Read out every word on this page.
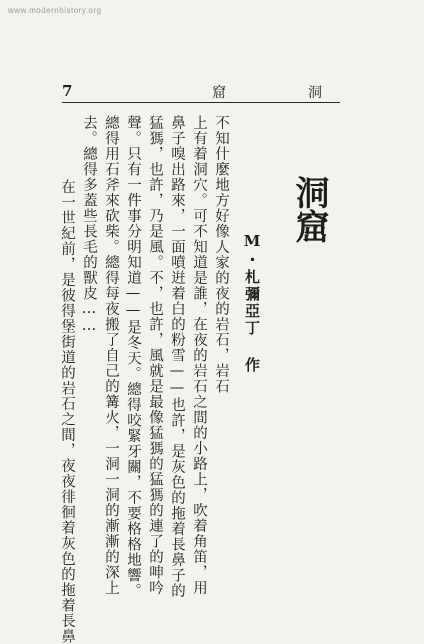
www.modernhistory.org
7	窟	洞
洞窟
M・札彌亞丁 作
不知什麼地方好像人家的夜的岩石，岩石
上有着洞穴。可不知道是誰，在夜的岩石之間的小路上，吹着角笛，用
鼻子嗅出路來，一面噴逬着白的粉雪——也許，是灰色的拖着長鼻子的
猛獁，也許，乃是風。不，也許，風就是最像猛獁的猛獁的連了的呻吟
聲。只有一件事分明知道——是冬天。總得咬緊牙關，不要格格地響。
總得用石斧來砍柴。總得每夜搬了自己的篝火，一洞一洞的漸漸的深上
去。總得多蓋些長毛的獸皮……
在一世紀前，是彼得堡街道的岩石之間，夜夜徘徊着灰色的拖着長鼻
